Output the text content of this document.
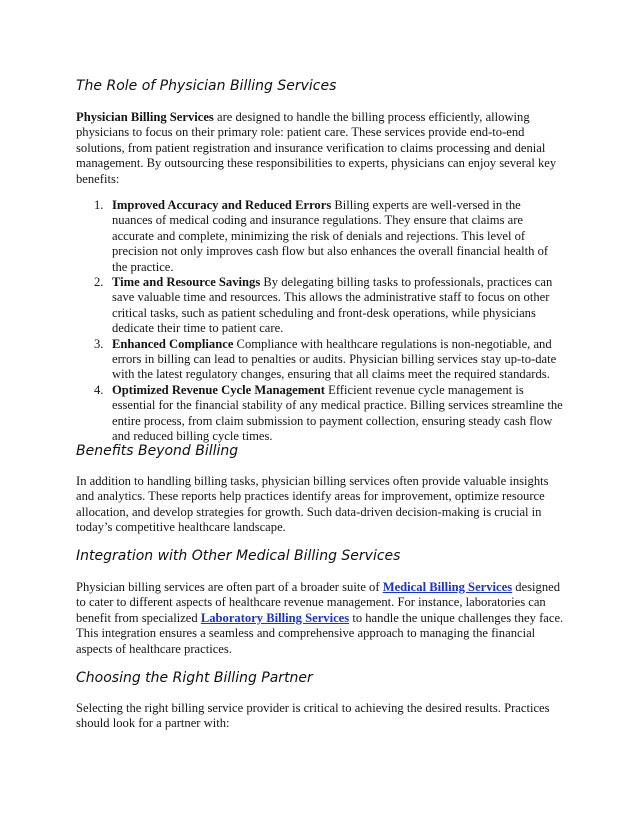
The Role of Physician Billing Services

Physician Billing Services are designed to handle the billing process efficiently, allowing physicians to focus on their primary role: patient care. These services provide end-to-end solutions, from patient registration and insurance verification to claims processing and denial management. By outsourcing these responsibilities to experts, physicians can enjoy several key benefits:

1. Improved Accuracy and Reduced Errors Billing experts are well-versed in the nuances of medical coding and insurance regulations. They ensure that claims are accurate and complete, minimizing the risk of denials and rejections. This level of precision not only improves cash flow but also enhances the overall financial health of the practice.
2. Time and Resource Savings By delegating billing tasks to professionals, practices can save valuable time and resources. This allows the administrative staff to focus on other critical tasks, such as patient scheduling and front-desk operations, while physicians dedicate their time to patient care.
3. Enhanced Compliance Compliance with healthcare regulations is non-negotiable, and errors in billing can lead to penalties or audits. Physician billing services stay up-to-date with the latest regulatory changes, ensuring that all claims meet the required standards.
4. Optimized Revenue Cycle Management Efficient revenue cycle management is essential for the financial stability of any medical practice. Billing services streamline the entire process, from claim submission to payment collection, ensuring steady cash flow and reduced billing cycle times.
Benefits Beyond Billing

In addition to handling billing tasks, physician billing services often provide valuable insights and analytics. These reports help practices identify areas for improvement, optimize resource allocation, and develop strategies for growth. Such data-driven decision-making is crucial in today’s competitive healthcare landscape.

Integration with Other Medical Billing Services

Physician billing services are often part of a broader suite of Medical Billing Services designed to cater to different aspects of healthcare revenue management. For instance, laboratories can benefit from specialized Laboratory Billing Services to handle the unique challenges they face. This integration ensures a seamless and comprehensive approach to managing the financial aspects of healthcare practices.

Choosing the Right Billing Partner

Selecting the right billing service provider is critical to achieving the desired results. Practices should look for a partner with:
